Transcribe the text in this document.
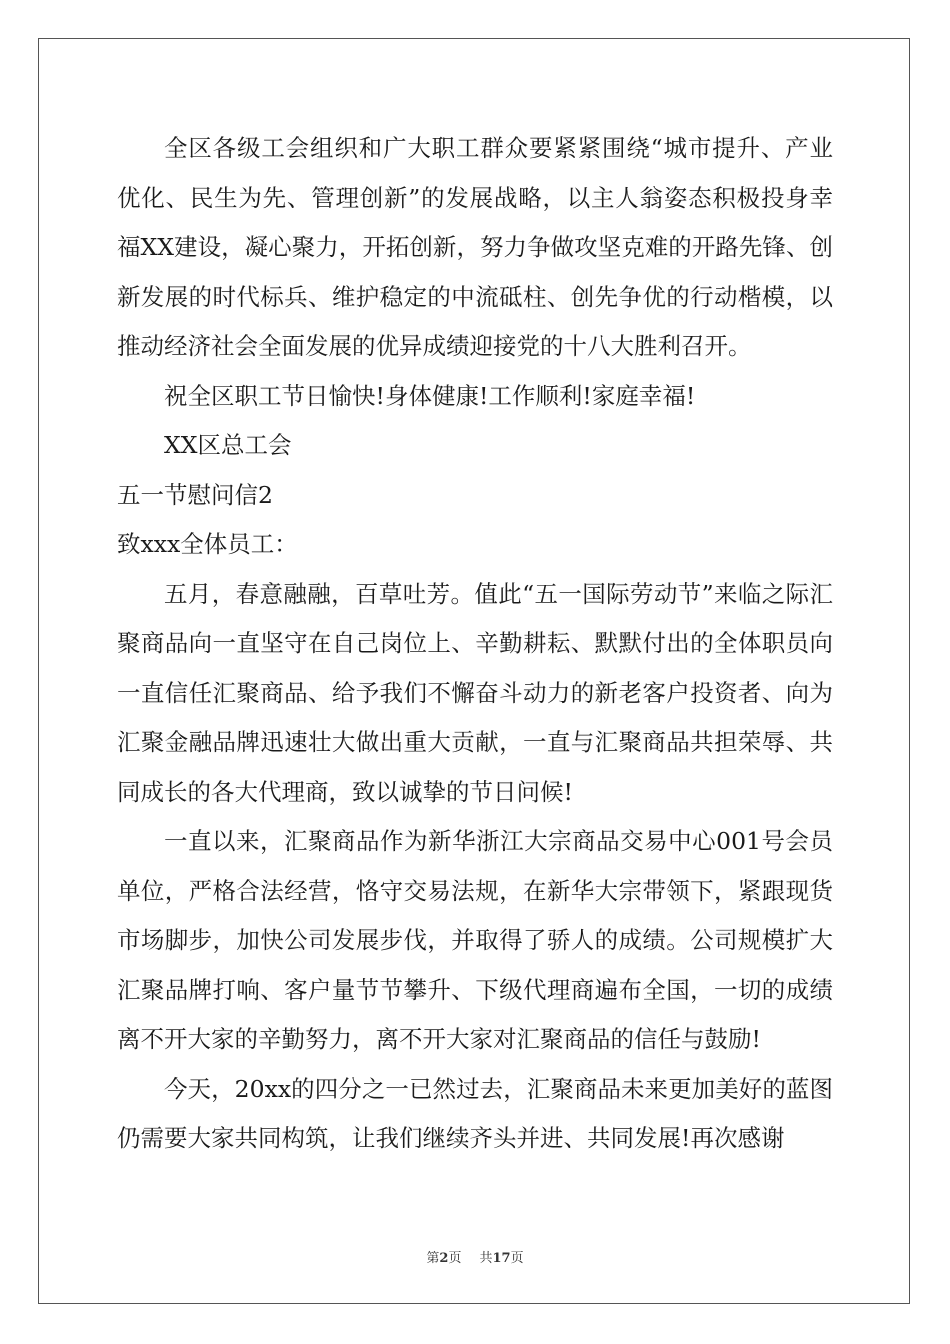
全区各级工会组织和广大职工群众要紧紧围绕“城市提升、产业优化、民生为先、管理创新”的发展战略，以主人翁姿态积极投身幸福XX建设，凝心聚力，开拓创新，努力争做攻坚克难的开路先锋、创新发展的时代标兵、维护稳定的中流砥柱、创先争优的行动楷模，以推动经济社会全面发展的优异成绩迎接党的十八大胜利召开。

祝全区职工节日愉快!身体健康!工作顺利!家庭幸福!

XX区总工会

五一节慰问信2

致xxx全体员工：

五月，春意融融，百草吐芳。值此“五一国际劳动节”来临之际汇聚商品向一直坚守在自己岗位上、辛勤耕耘、默默付出的全体职员向一直信任汇聚商品、给予我们不懈奋斗动力的新老客户投资者、向为汇聚金融品牌迅速壮大做出重大贡献，一直与汇聚商品共担荣辱、共同成长的各大代理商，致以诚挚的节日问候!

一直以来，汇聚商品作为新华浙江大宗商品交易中心001号会员单位，严格合法经营，恪守交易法规，在新华大宗带领下，紧跟现货市场脚步，加快公司发展步伐，并取得了骄人的成绩。公司规模扩大汇聚品牌打响、客户量节节攀升、下级代理商遍布全国，一切的成绩离不开大家的辛勤努力，离不开大家对汇聚商品的信任与鼓励!

今天，20xx的四分之一已然过去，汇聚商品未来更加美好的蓝图仍需要大家共同构筑，让我们继续齐头并进、共同发展!再次感谢

第2页 共17页
